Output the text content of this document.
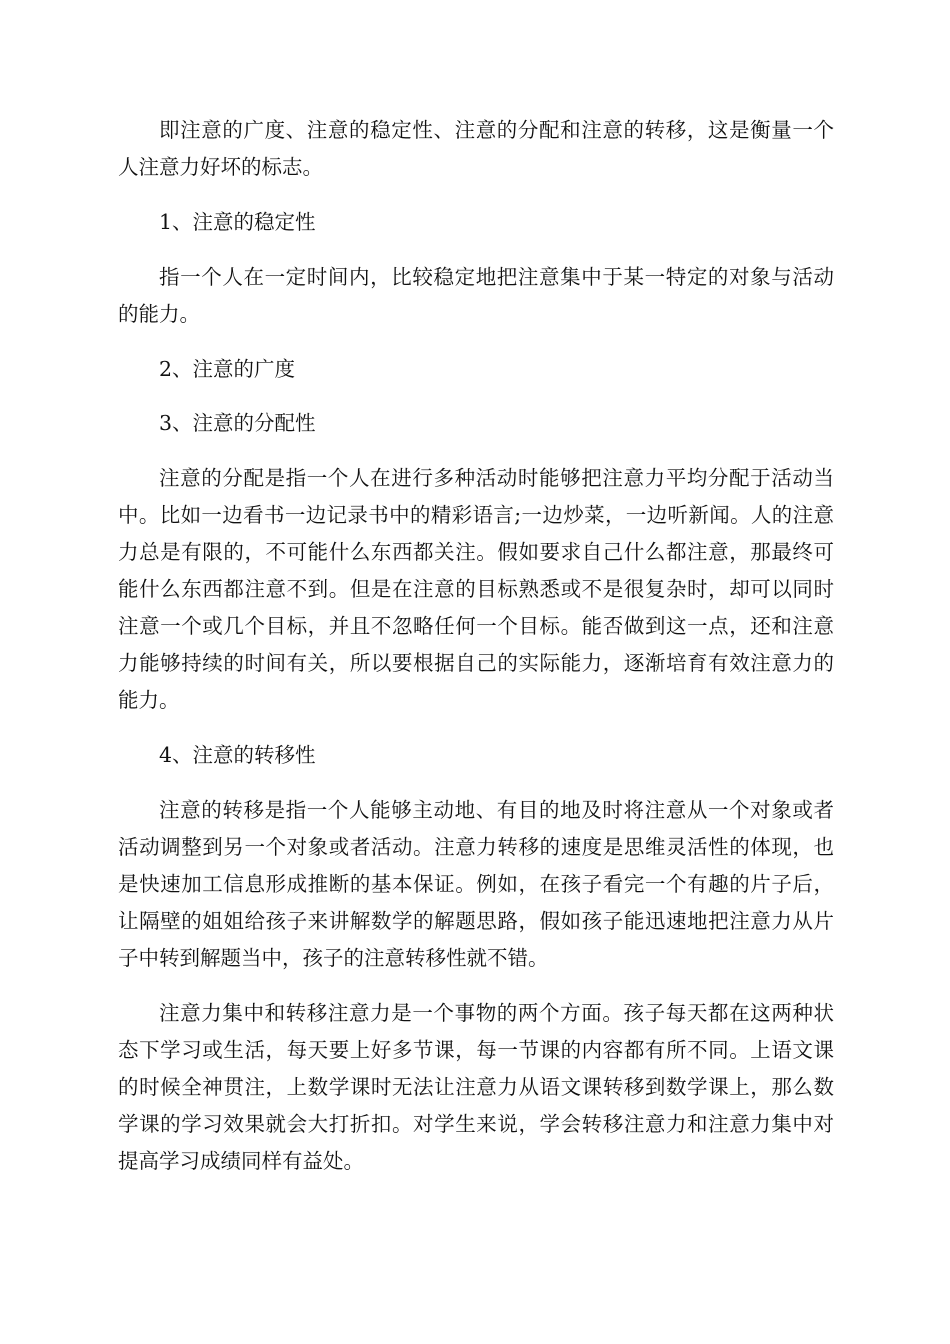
即注意的广度、注意的稳定性、注意的分配和注意的转移，这是衡量一个人注意力好坏的标志。

1、注意的稳定性

指一个人在一定时间内，比较稳定地把注意集中于某一特定的对象与活动的能力。

2、注意的广度

3、注意的分配性

注意的分配是指一个人在进行多种活动时能够把注意力平均分配于活动当中。比如一边看书一边记录书中的精彩语言;一边炒菜，一边听新闻。人的注意力总是有限的，不可能什么东西都关注。假如要求自己什么都注意，那最终可能什么东西都注意不到。但是在注意的目标熟悉或不是很复杂时，却可以同时注意一个或几个目标，并且不忽略任何一个目标。能否做到这一点，还和注意力能够持续的时间有关，所以要根据自己的实际能力，逐渐培育有效注意力的能力。

4、注意的转移性

注意的转移是指一个人能够主动地、有目的地及时将注意从一个对象或者活动调整到另一个对象或者活动。注意力转移的速度是思维灵活性的体现，也是快速加工信息形成推断的基本保证。例如，在孩子看完一个有趣的片子后，让隔壁的姐姐给孩子来讲解数学的解题思路，假如孩子能迅速地把注意力从片子中转到解题当中，孩子的注意转移性就不错。

注意力集中和转移注意力是一个事物的两个方面。孩子每天都在这两种状态下学习或生活，每天要上好多节课，每一节课的内容都有所不同。上语文课的时候全神贯注，上数学课时无法让注意力从语文课转移到数学课上，那么数学课的学习效果就会大打折扣。对学生来说，学会转移注意力和注意力集中对提高学习成绩同样有益处。
